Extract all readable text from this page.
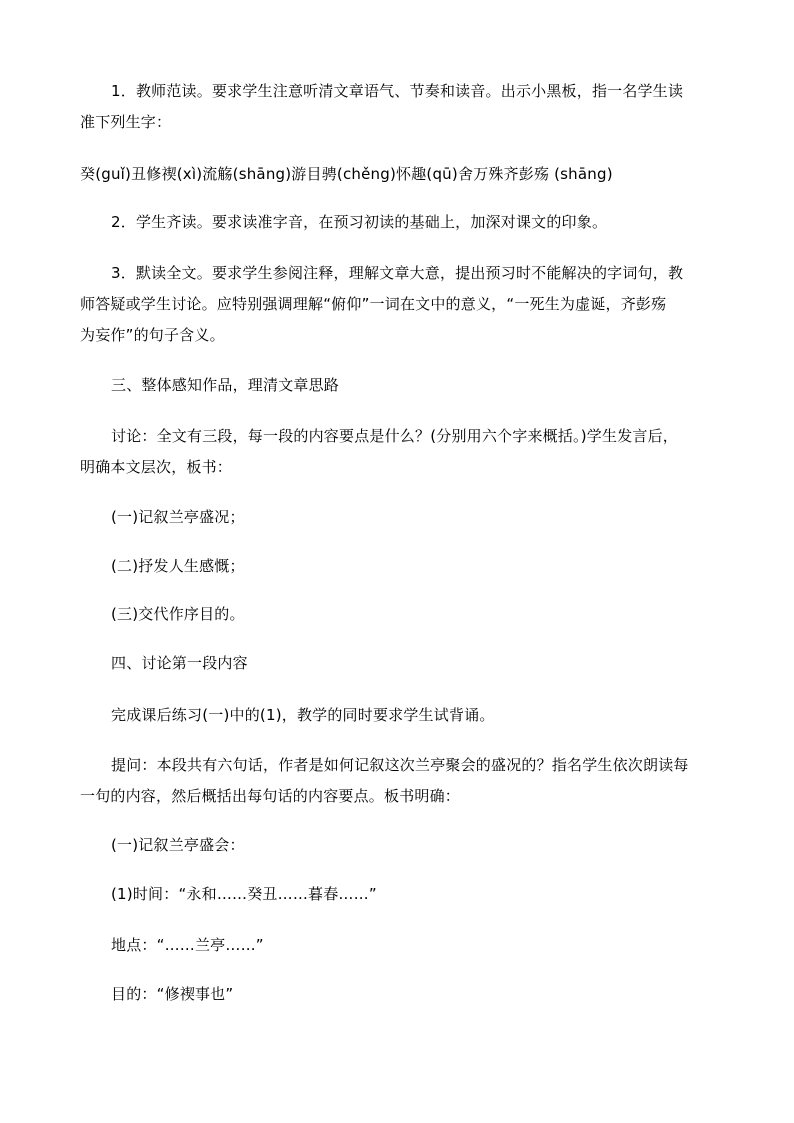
1．教师范读。要求学生注意听清文章语气、节奏和读音。出示小黑板，指一名学生读
准下列生字：
癸(guǐ)丑修禊(xì)流觞(shāng)游目骋(chěng)怀趣(qū)舍万殊齐彭殇 (shāng)
2．学生齐读。要求读准字音，在预习初读的基础上，加深对课文的印象。
3．默读全文。要求学生参阅注释，理解文章大意，提出预习时不能解决的字词句，教
师答疑或学生讨论。应特别强调理解“俯仰”一词在文中的意义，“一死生为虚诞，齐彭殇
为妄作”的句子含义。
三、整体感知作品，理清文章思路
讨论：全文有三段，每一段的内容要点是什么？(分别用六个字来概括。)学生发言后，
明确本文层次，板书：
(一)记叙兰亭盛况；
(二)抒发人生感慨；
(三)交代作序目的。
四、讨论第一段内容
完成课后练习(一)中的(1)，教学的同时要求学生试背诵。
提问：本段共有六句话，作者是如何记叙这次兰亭聚会的盛况的？指名学生依次朗读每
一句的内容，然后概括出每句话的内容要点。板书明确：
(一)记叙兰亭盛会：
(1)时间：“永和……癸丑……暮春……”
地点：“……兰亭……”
目的：“修禊事也”
